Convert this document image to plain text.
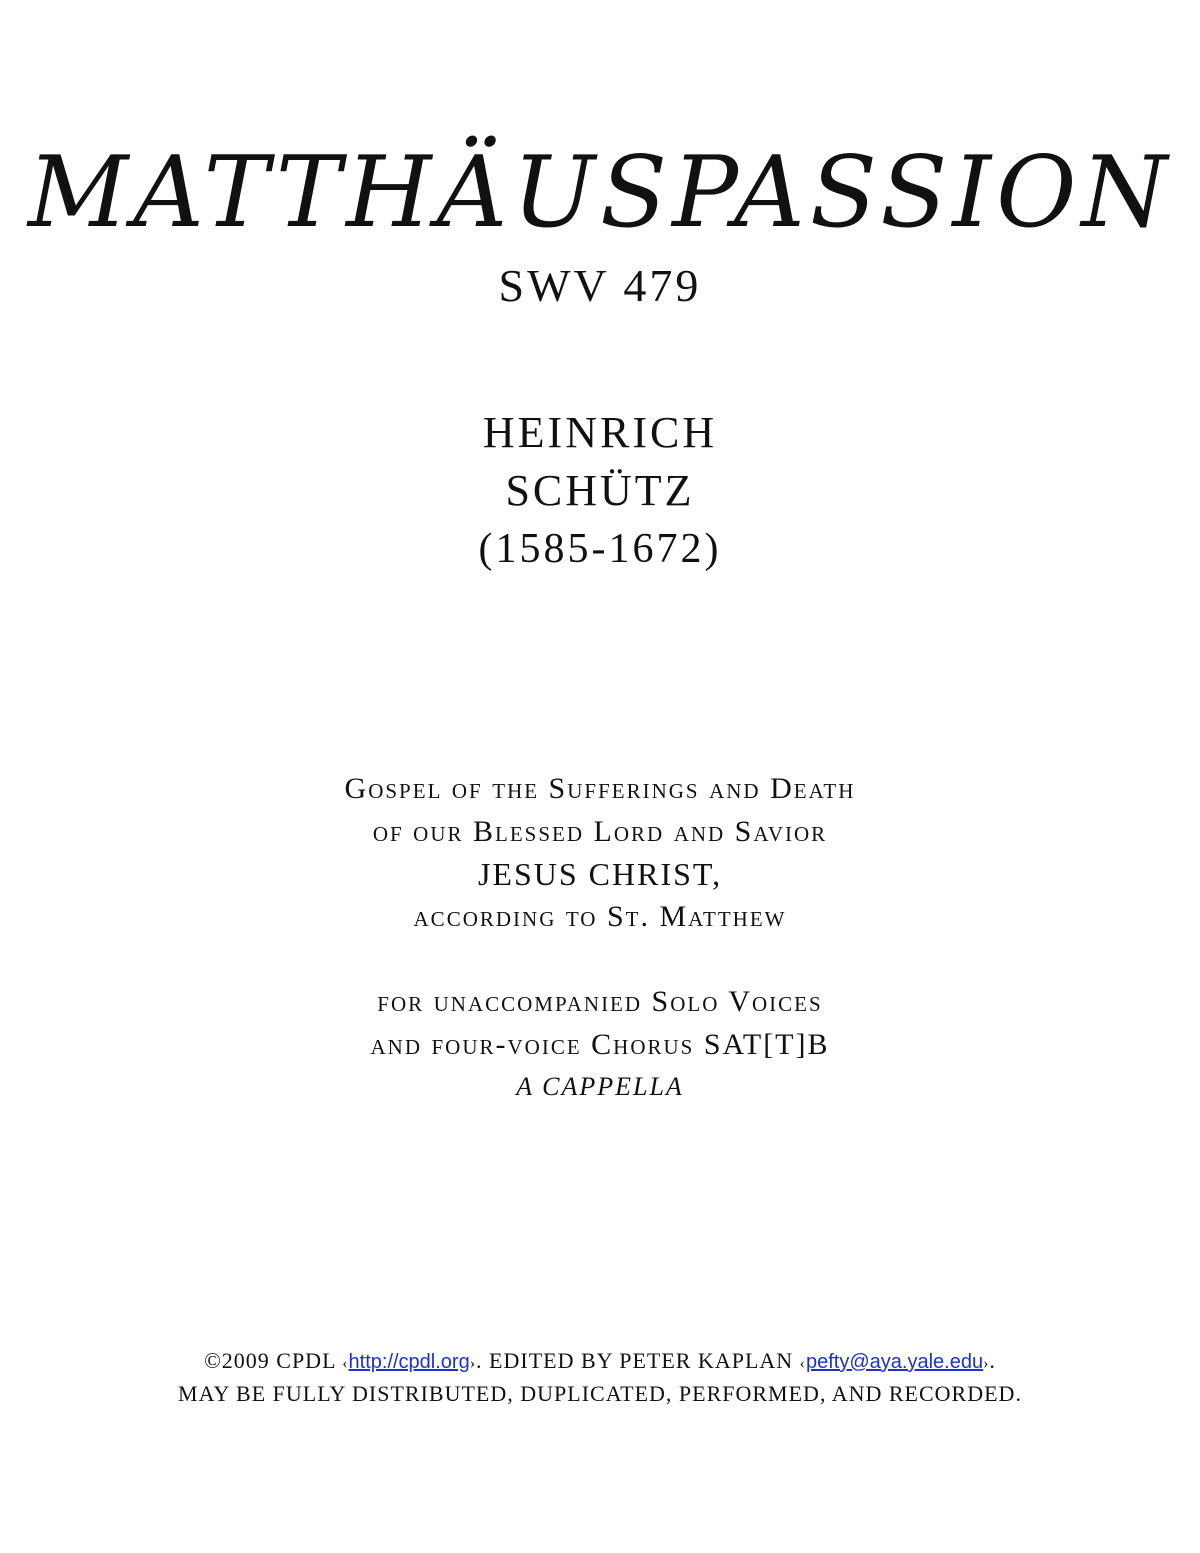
MATTHÄUSPASSION
SWV 479
HEINRICH
SCHÜTZ
(1585-1672)
Gospel of the Sufferings and Death
of our Blessed Lord and Savior
JESUS CHRIST,
according to St. Matthew
for unaccompanied Solo Voices
and four-voice Chorus SAT[T]B
A CAPPELLA
©2009 CPDL ‹http://cpdl.org›. EDITED BY PETER KAPLAN ‹pefty@aya.yale.edu›.
MAY BE FULLY DISTRIBUTED, DUPLICATED, PERFORMED, AND RECORDED.
